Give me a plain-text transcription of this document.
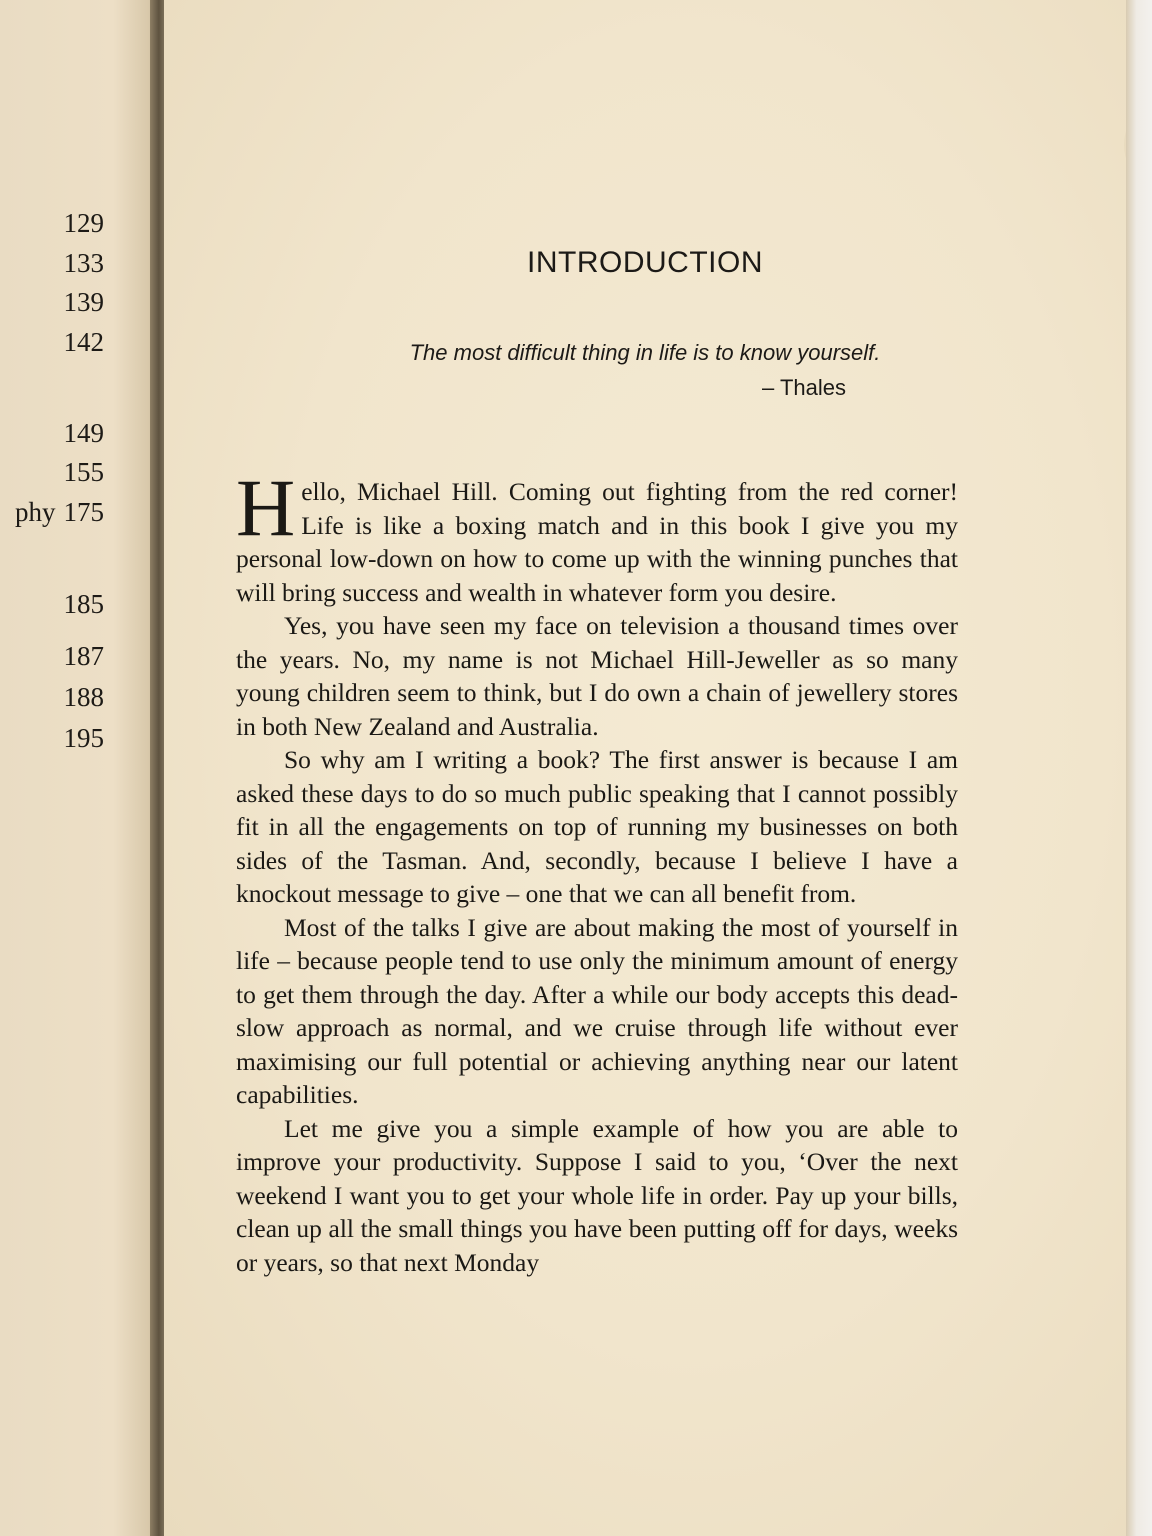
129
133
139
142
149
155
phy 175
185
187
188
195
INTRODUCTION
The most difficult thing in life is to know yourself.
– Thales

Hello, Michael Hill. Coming out fighting from the red corner! Life is like a boxing match and in this book I give you my personal low-down on how to come up with the winning punches that will bring success and wealth in whatever form you desire.

Yes, you have seen my face on television a thousand times over the years. No, my name is not Michael Hill-Jeweller as so many young children seem to think, but I do own a chain of jewellery stores in both New Zealand and Australia.

So why am I writing a book? The first answer is because I am asked these days to do so much public speaking that I cannot possibly fit in all the engagements on top of running my businesses on both sides of the Tasman. And, secondly, because I believe I have a knockout message to give – one that we can all benefit from.

Most of the talks I give are about making the most of yourself in life – because people tend to use only the minimum amount of energy to get them through the day. After a while our body accepts this dead-slow approach as normal, and we cruise through life without ever maximising our full potential or achieving anything near our latent capabilities.

Let me give you a simple example of how you are able to improve your productivity. Suppose I said to you, ‘Over the next weekend I want you to get your whole life in order. Pay up your bills, clean up all the small things you have been putting off for days, weeks or years, so that next Monday
